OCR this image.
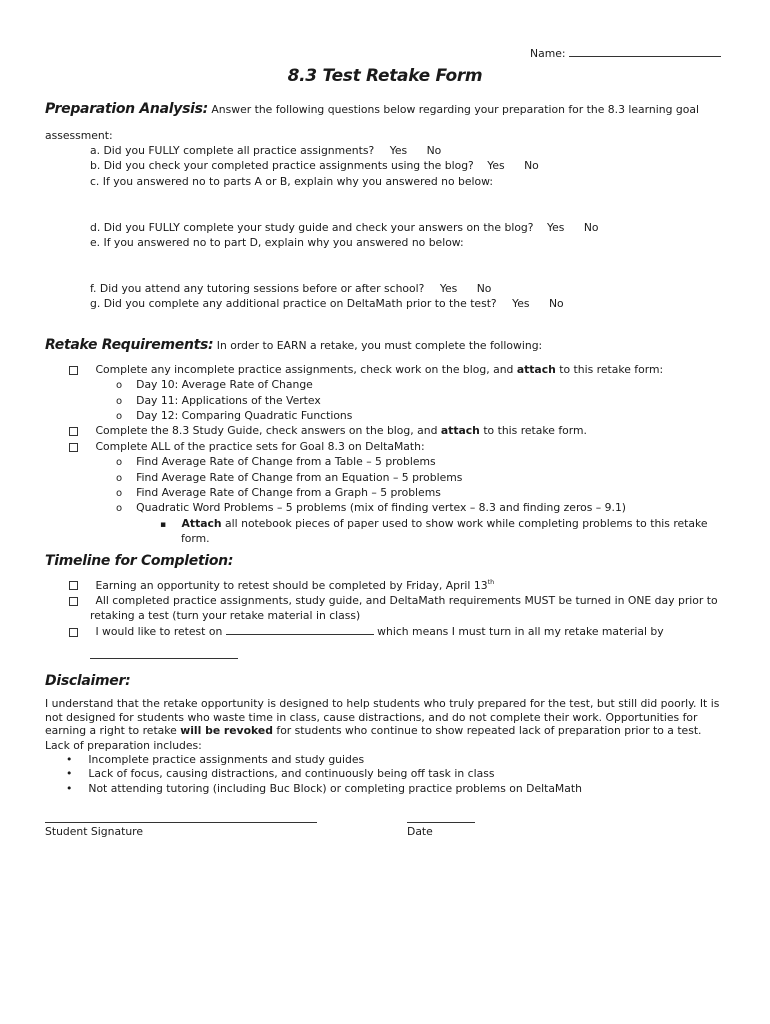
Name:
8.3 Test Retake Form
Preparation Analysis: Answer the following questions below regarding your preparation for the 8.3 learning goal
assessment:
a. Did you FULLY complete all practice assignments? Yes No
b. Did you check your completed practice assignments using the blog? Yes No
c. If you answered no to parts A or B, explain why you answered no below:
d. Did you FULLY complete your study guide and check your answers on the blog? Yes No
e. If you answered no to part D, explain why you answered no below:
f. Did you attend any tutoring sessions before or after school? Yes No
g. Did you complete any additional practice on DeltaMath prior to the test? Yes No
Retake Requirements: In order to EARN a retake, you must complete the following:
Complete any incomplete practice assignments, check work on the blog, and attach to this retake form:
o Day 10: Average Rate of Change
o Day 11: Applications of the Vertex
o Day 12: Comparing Quadratic Functions
Complete the 8.3 Study Guide, check answers on the blog, and attach to this retake form.
Complete ALL of the practice sets for Goal 8.3 on DeltaMath:
o Find Average Rate of Change from a Table – 5 problems
o Find Average Rate of Change from an Equation – 5 problems
o Find Average Rate of Change from a Graph – 5 problems
o Quadratic Word Problems – 5 problems (mix of finding vertex – 8.3 and finding zeros – 9.1)
▪ Attach all notebook pieces of paper used to show work while completing problems to this retake
form.
Timeline for Completion:
Earning an opportunity to retest should be completed by Friday, April 13th
All completed practice assignments, study guide, and DeltaMath requirements MUST be turned in ONE day prior to
retaking a test (turn your retake material in class)
I would like to retest on	which means I must turn in all my retake material by
Disclaimer:
I understand that the retake opportunity is designed to help students who truly prepared for the test, but still did poorly. It is not designed for students who waste time in class, cause distractions, and do not complete their work. Opportunities for earning a right to retake will be revoked for students who continue to show repeated lack of preparation prior to a test.
Lack of preparation includes:
• Incomplete practice assignments and study guides
• Lack of focus, causing distractions, and continuously being off task in class
• Not attending tutoring (including Buc Block) or completing practice problems on DeltaMath
Student Signature	Date
